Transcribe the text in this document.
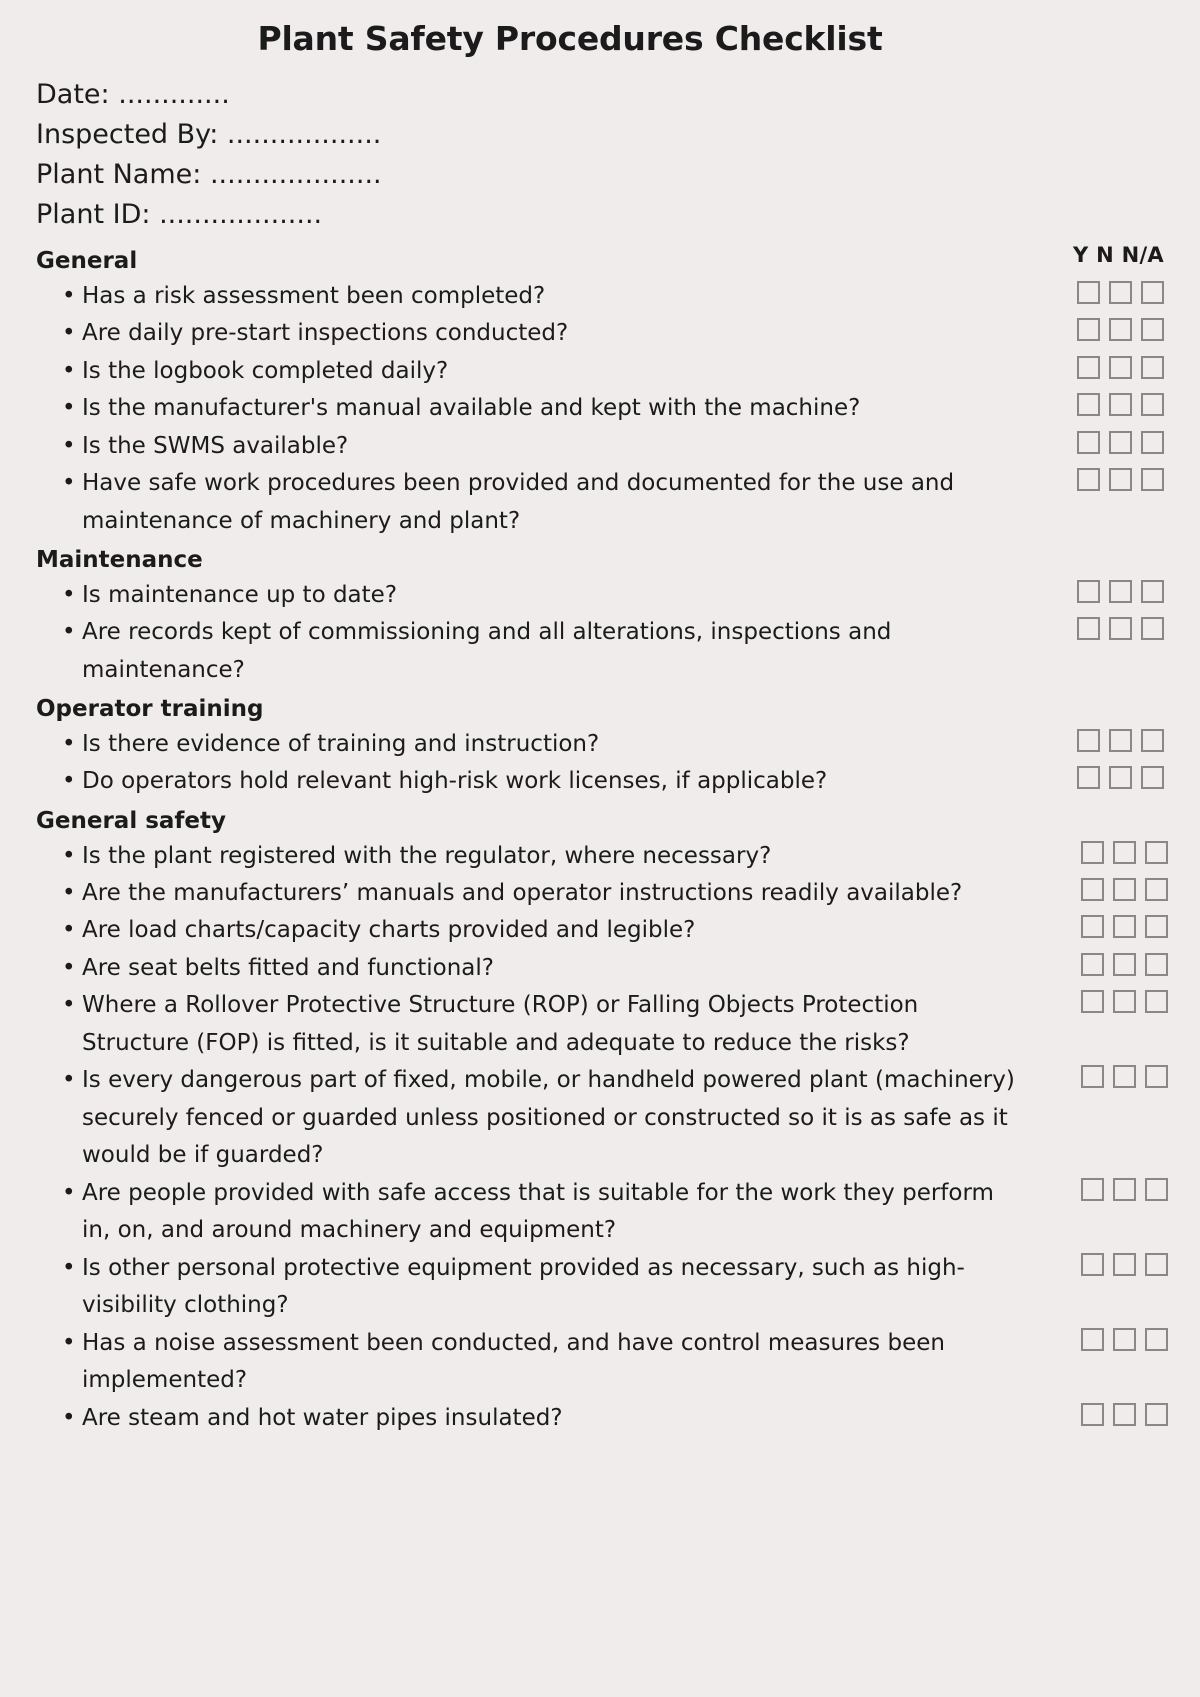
Plant Safety Procedures Checklist
Date: .............
Inspected By: ..................
Plant Name: ....................
Plant ID: ...................
Y N N/A
General
• Has a risk assessment been completed?
• Are daily pre-start inspections conducted?
• Is the logbook completed daily?
• Is the manufacturer's manual available and kept with the machine?
• Is the SWMS available?
• Have safe work procedures been provided and documented for the use and maintenance of machinery and plant?
Maintenance
• Is maintenance up to date?
• Are records kept of commissioning and all alterations, inspections and maintenance?
Operator training
• Is there evidence of training and instruction?
• Do operators hold relevant high-risk work licenses, if applicable?
General safety
• Is the plant registered with the regulator, where necessary?
• Are the manufacturers’ manuals and operator instructions readily available?
• Are load charts/capacity charts provided and legible?
• Are seat belts fitted and functional?
• Where a Rollover Protective Structure (ROP) or Falling Objects Protection Structure (FOP) is fitted, is it suitable and adequate to reduce the risks?
• Is every dangerous part of fixed, mobile, or handheld powered plant (machinery) securely fenced or guarded unless positioned or constructed so it is as safe as it would be if guarded?
• Are people provided with safe access that is suitable for the work they perform in, on, and around machinery and equipment?
• Is other personal protective equipment provided as necessary, such as high-visibility clothing?
• Has a noise assessment been conducted, and have control measures been implemented?
• Are steam and hot water pipes insulated?
